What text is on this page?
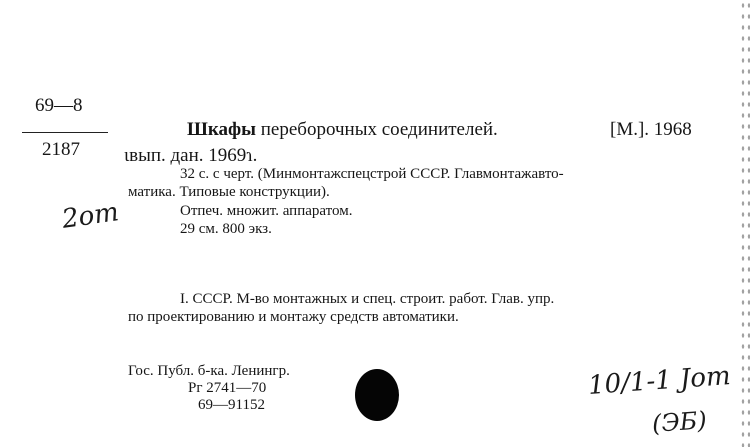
69—8
2187
Шкафы переборочных соединителей.	[М.]. 1968
ɩвып. дан. 1969ɿ.
32 с. с черт. (Минмонтажспецстрой СССР. Главмонтажавто-
матика. Типовые конструкции).
Отпеч. множит. аппаратом.
29 см. 800 экз.
I. СССР. М-во монтажных и спец. строит. работ. Глав. упр.
по проектированию и монтажу средств автоматики.
Гос. Публ. б-ка. Ленингр.
Рг 2741—70
69—91152
2om
10/1-1 Jom
(ЭБ)
